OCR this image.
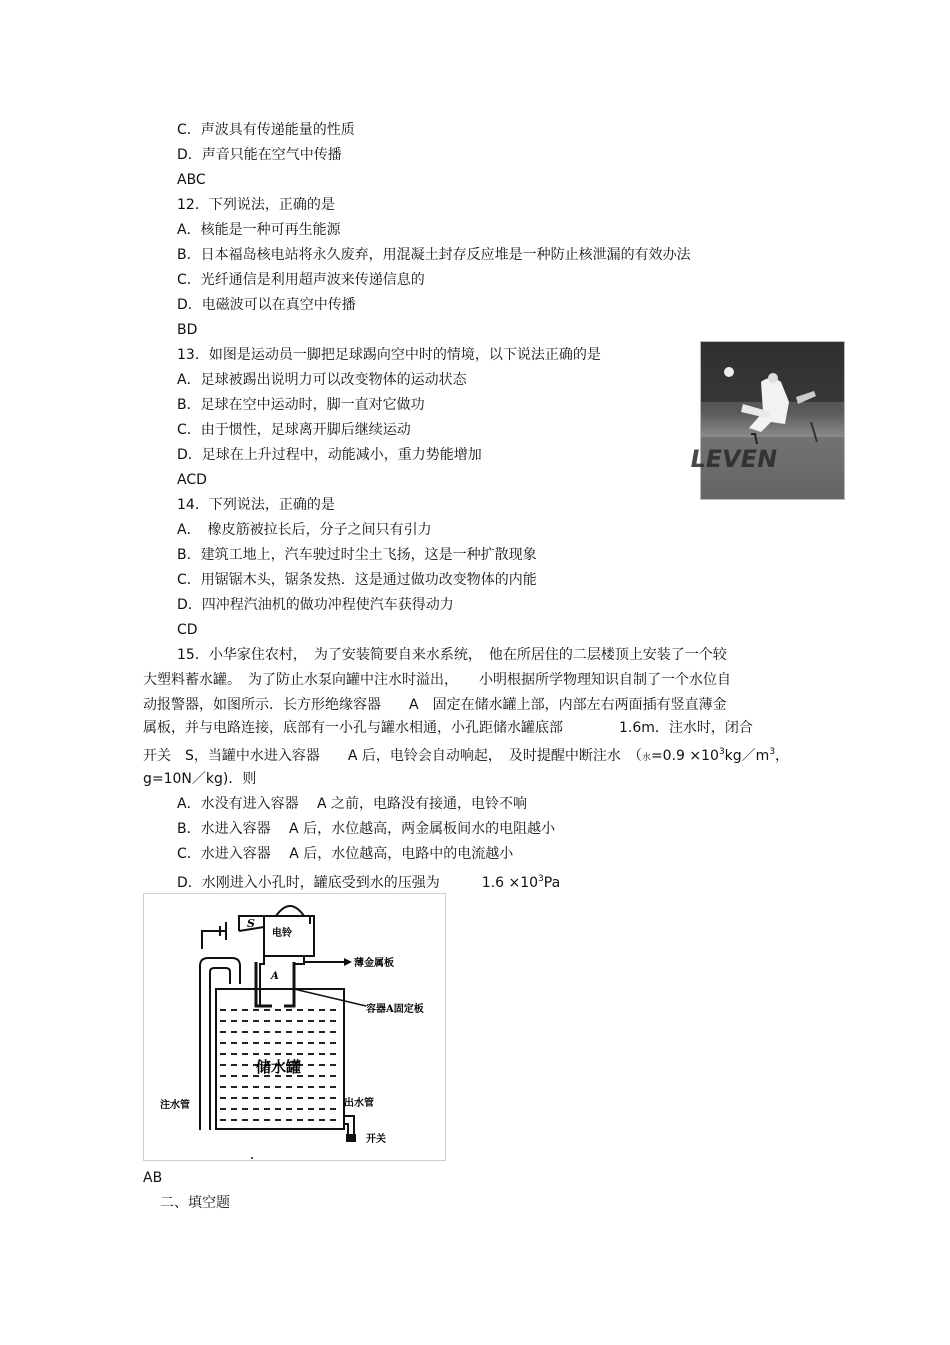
C．声波具有传递能量的性质
D．声音只能在空气中传播
ABC
12．下列说法，正确的是
A．核能是一种可再生能源
B．日本福岛核电站将永久废弃，用混凝土封存反应堆是一种防止核泄漏的有效办法
C．光纤通信是利用超声波来传递信息的
D．电磁波可以在真空中传播
BD
13．如图是运动员一脚把足球踢向空中时的情境，以下说法正确的是
A．足球被踢出说明力可以改变物体的运动状态
B．足球在空中运动时，脚一直对它做功
C．由于惯性，足球离开脚后继续运动
D．足球在上升过程中，动能减小，重力势能增加
ACD
LEVEN
14．下列说法，正确的是
A．　橡皮筋被拉长后，分子之间只有引力
B．建筑工地上，汽车驶过时尘土飞扬，这是一种扩散现象
C．用锯锯木头，锯条发热．这是通过做功改变物体的内能
D．四冲程汽油机的做功冲程使汽车获得动力
CD
15．小华家住农村，　为了安装简要自来水系统，　他在所居住的二层楼顶上安装了一个较
大塑料蓄水罐。　为了防止水泵向罐中注水时溢出，　　小明根据所学物理知识自制了一个水位自
动报警器，如图所示．长方形绝缘容器　　A　固定在储水罐上部，内部左右两面插有竖直薄金
属板，并与电路连接，底部有一小孔与罐水相通，小孔距储水罐底部　　　　1.6m．注水时，闭合
开关　S，当罐中水进入容器　　A 后，电铃会自动响起，　及时提醒中断注水　（水$=0.9 \times 10^3kg/m^3$，
g=10N／kg)．则
A．水没有进入容器　 A 之前，电路没有接通，电铃不响
B．水进入容器　 A 后，水位越高，两金属板间水的电阻越小
C．水进入容器　 A 后，水位越高，电路中的电流越小
D．水刚进入小孔时，罐底受到水的压强为　　　$1.6 \times 10^3Pa$
S
电铃
A
薄金属板
容器A固定板
储水罐
注水管	出水管
开关
AB
二、填空题
